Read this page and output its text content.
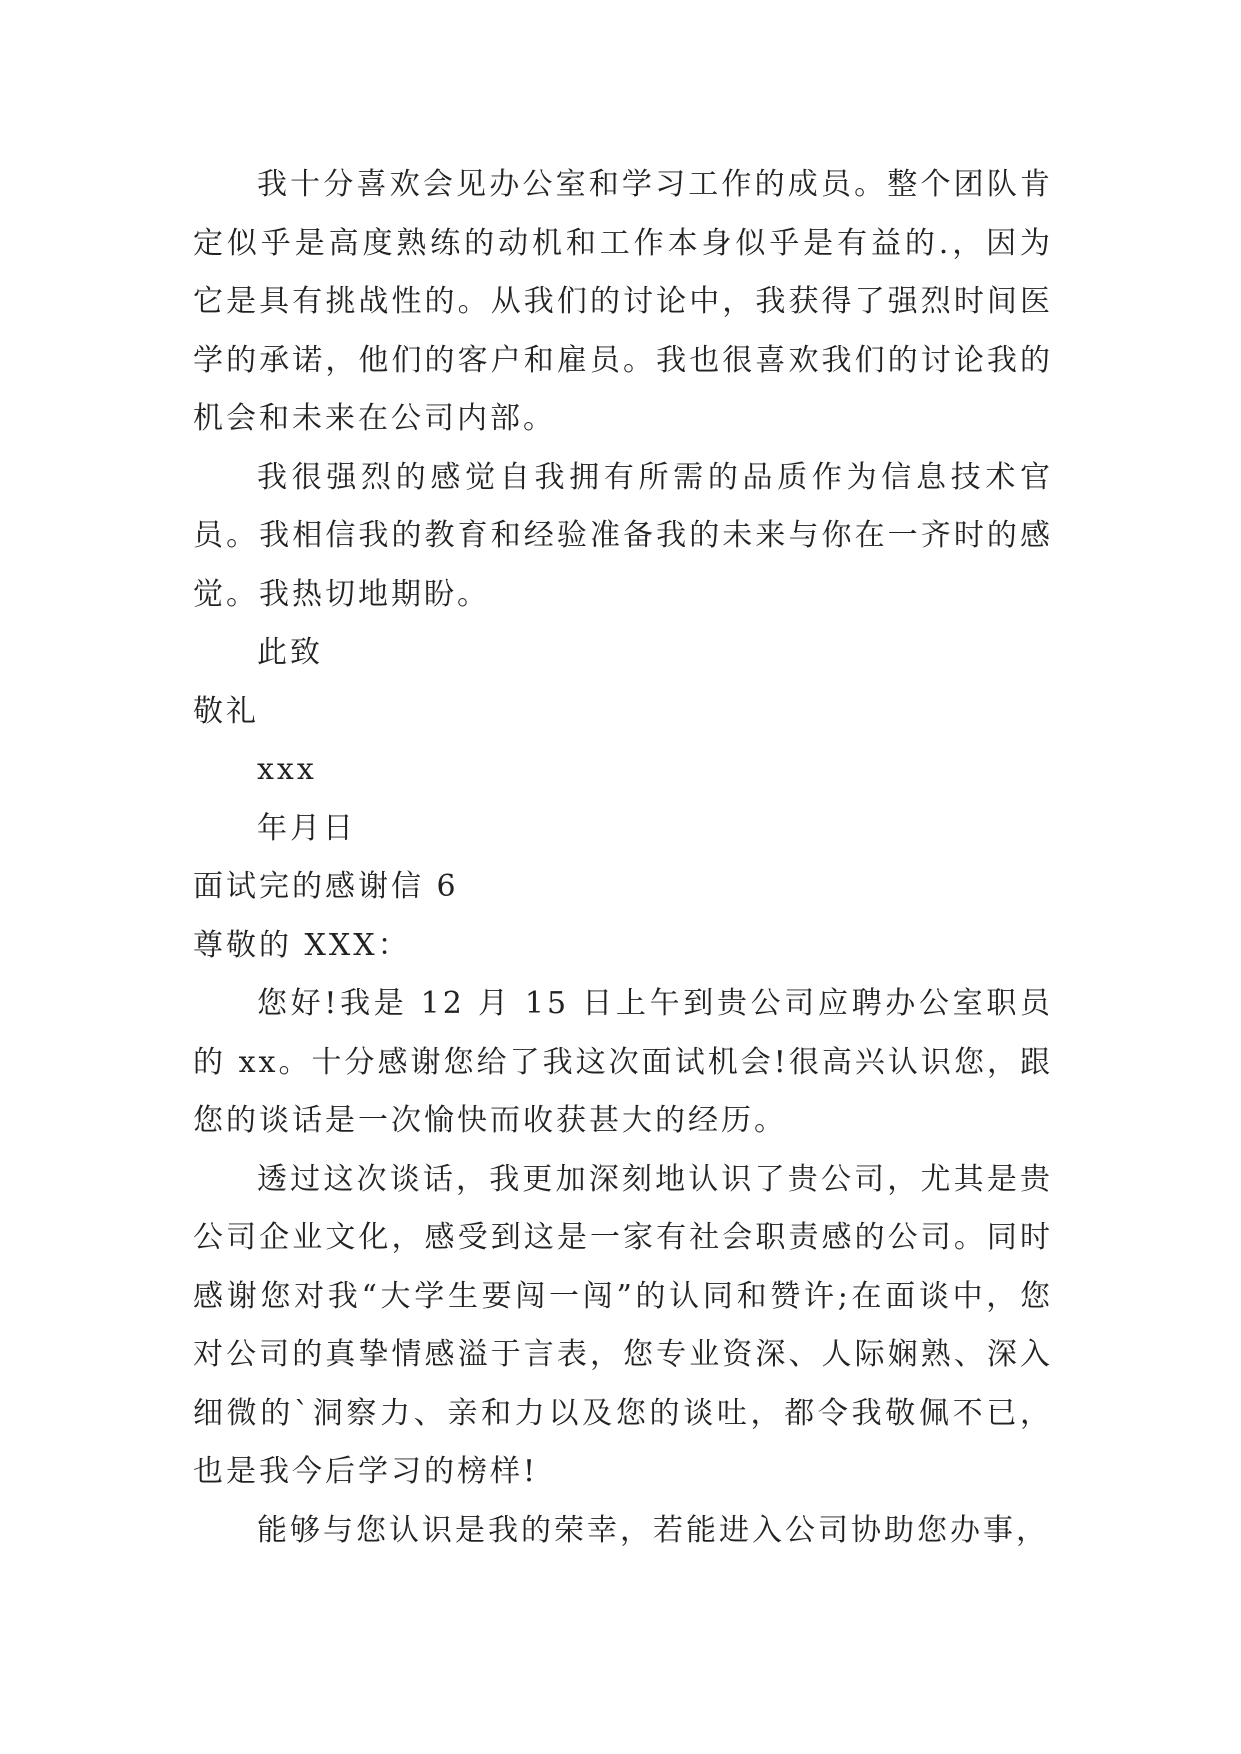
我十分喜欢会见办公室和学习工作的成员。整个团队肯定似乎是高度熟练的动机和工作本身似乎是有益的.，因为它是具有挑战性的。从我们的讨论中，我获得了强烈时间医学的承诺，他们的客户和雇员。我也很喜欢我们的讨论我的机会和未来在公司内部。

我很强烈的感觉自我拥有所需的品质作为信息技术官员。我相信我的教育和经验准备我的未来与你在一齐时的感觉。我热切地期盼。

此致

敬礼

xxx

年月日

面试完的感谢信 6

尊敬的 XXX：

您好!我是 12 月 15 日上午到贵公司应聘办公室职员的 xx。十分感谢您给了我这次面试机会!很高兴认识您，跟您的谈话是一次愉快而收获甚大的经历。

透过这次谈话，我更加深刻地认识了贵公司，尤其是贵公司企业文化，感受到这是一家有社会职责感的公司。同时感谢您对我“大学生要闯一闯”的认同和赞许;在面谈中，您对公司的真挚情感溢于言表，您专业资深、人际娴熟、深入细微的`洞察力、亲和力以及您的谈吐，都令我敬佩不已，也是我今后学习的榜样!

能够与您认识是我的荣幸，若能进入公司协助您办事，
